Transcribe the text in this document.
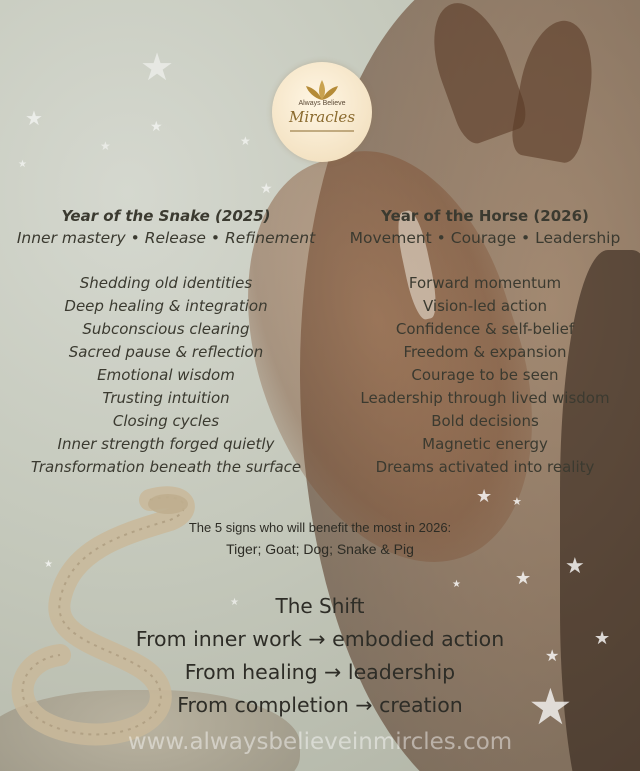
★
★	★
★	★
★
★
★ ★
★
★
★
★
★
★
★
★
Always Believe
Miracles
Year of the Snake (2025)
Inner mastery • Release • Refinement
Shedding old identities
Deep healing & integration
Subconscious clearing
Sacred pause & reflection
Emotional wisdom
Trusting intuition
Closing cycles
Inner strength forged quietly
Transformation beneath the surface
Year of the Horse (2026)
Movement • Courage • Leadership
Forward momentum
Vision-led action
Confidence & self-belief
Freedom & expansion
Courage to be seen
Leadership through lived wisdom
Bold decisions
Magnetic energy
Dreams activated into reality
The 5 signs who will benefit the most in 2026:
Tiger; Goat; Dog; Snake & Pig
The Shift
From inner work → embodied action
From healing → leadership
From completion → creation
www.alwaysbelieveinmircles.com
